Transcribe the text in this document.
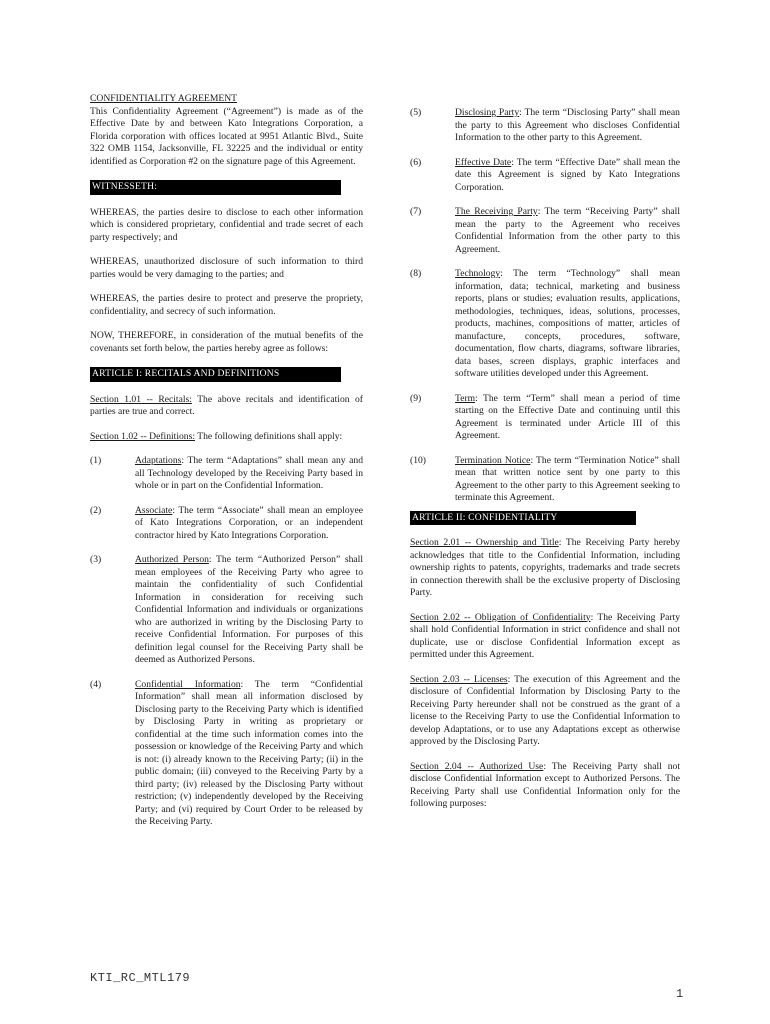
CONFIDENTIALITY AGREEMENT

This Confidentiality Agreement (“Agreement”) is made as of the Effective Date by and between Kato Integrations Corporation, a Florida corporation with offices located at 9951 Atlantic Blvd., Suite 322 OMB 1154, Jacksonville, FL 32225 and the individual or entity identified as Corporation #2 on the signature page of this Agreement.

WITNESSETH:

WHEREAS, the parties desire to disclose to each other information which is considered proprietary, confidential and trade secret of each party respectively; and

WHEREAS, unauthorized disclosure of such information to third parties would be very damaging to the parties; and

WHEREAS, the parties desire to protect and preserve the propriety, confidentiality, and secrecy of such information.

NOW, THEREFORE, in consideration of the mutual benefits of the covenants set forth below, the parties hereby agree as follows:

ARTICLE I: RECITALS AND DEFINITIONS

Section 1.01 -- Recitals: The above recitals and identification of parties are true and correct.

Section 1.02 -- Definitions: The following definitions shall apply:

(1)	Adaptations: The term “Adaptations” shall mean any and all Technology developed by the Receiving Party based in whole or in part on the Confidential Information.
(2)	Associate: The term “Associate” shall mean an employee of Kato Integrations Corporation, or an independent contractor hired by Kato Integrations Corporation.
(3)	Authorized Person: The term “Authorized Person” shall mean employees of the Receiving Party who agree to maintain the confidentiality of such Confidential Information in consideration for receiving such Confidential Information and individuals or organizations who are authorized in writing by the Disclosing Party to receive Confidential Information. For purposes of this definition legal counsel for the Receiving Party shall be deemed as Authorized Persons.
(4)	Confidential Information: The term “Confidential Information” shall mean all information disclosed by Disclosing party to the Receiving Party which is identified by Disclosing Party in writing as proprietary or confidential at the time such information comes into the possession or knowledge of the Receiving Party and which is not: (i) already known to the Receiving Party; (ii) in the public domain; (iii) conveyed to the Receiving Party by a third party; (iv) released by the Disclosing Party without restriction; (v) independently developed by the Receiving Party; and (vi) required by Court Order to be released by the Receiving Party.
(5)	Disclosing Party: The term “Disclosing Party” shall mean the party to this Agreement who discloses Confidential Information to the other party to this Agreement.
(6)	Effective Date: The term “Effective Date” shall mean the date this Agreement is signed by Kato Integrations Corporation.
(7)	The Receiving Party: The term “Receiving Party” shall mean the party to the Agreement who receives Confidential Information from the other party to this Agreement.
(8)	Technology: The term “Technology” shall mean information, data; technical, marketing and business reports, plans or studies; evaluation results, applications, methodologies, techniques, ideas, solutions, processes, products, machines, compositions of matter, articles of manufacture, concepts, procedures, software, documentation, flow charts, diagrams, software libraries, data bases, screen displays, graphic interfaces and software utilities developed under this Agreement.
(9)	Term: The term “Term” shall mean a period of time starting on the Effective Date and continuing until this Agreement is terminated under Article III of this Agreement.
(10)	Termination Notice: The term “Termination Notice” shall mean that written notice sent by one party to this Agreement to the other party to this Agreement seeking to terminate this Agreement.
ARTICLE II: CONFIDENTIALITY

Section 2.01 -- Ownership and Title: The Receiving Party hereby acknowledges that title to the Confidential Information, including ownership rights to patents, copyrights, trademarks and trade secrets in connection therewith shall be the exclusive property of Disclosing Party.

Section 2.02 -- Obligation of Confidentiality: The Receiving Party shall hold Confidential Information in strict confidence and shall not duplicate, use or disclose Confidential Information except as permitted under this Agreement.

Section 2.03 -- Licenses: The execution of this Agreement and the disclosure of Confidential Information by Disclosing Party to the Receiving Party hereunder shall not be construed as the grant of a license to the Receiving Party to use the Confidential Information to develop Adaptations, or to use any Adaptations except as otherwise approved by the Disclosing Party.

Section 2.04 -- Authorized Use: The Receiving Party shall not disclose Confidential Information except to Authorized Persons. The Receiving Party shall use Confidential Information only for the following purposes:

KTI_RC_MTL179
1
